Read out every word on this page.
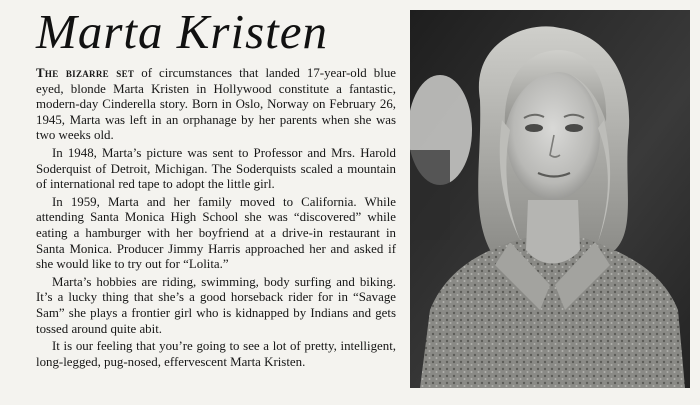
Marta Kristen

The bizarre set of circumstances that landed 17-year-old blue eyed, blonde Marta Kristen in Hollywood constitute a fantastic, modern-day Cinderella story. Born in Oslo, Norway on February 26, 1945, Marta was left in an orphanage by her parents when she was two weeks old.

In 1948, Marta’s picture was sent to Professor and Mrs. Harold Soderquist of Detroit, Michigan. The Soderquists scaled a mountain of international red tape to adopt the little girl.

In 1959, Marta and her family moved to California. While attending Santa Monica High School she was “discovered” while eating a hamburger with her boyfriend at a drive-in restaurant in Santa Monica. Producer Jimmy Harris approached her and asked if she would like to try out for “Lolita.”

Marta’s hobbies are riding, swimming, body surfing and biking. It’s a lucky thing that she’s a good horseback rider for in “Savage Sam” she plays a frontier girl who is kidnapped by Indians and gets tossed around quite abit.

It is our feeling that you’re going to see a lot of pretty, intelligent, long-legged, pug-nosed, effervescent Marta Kristen.
